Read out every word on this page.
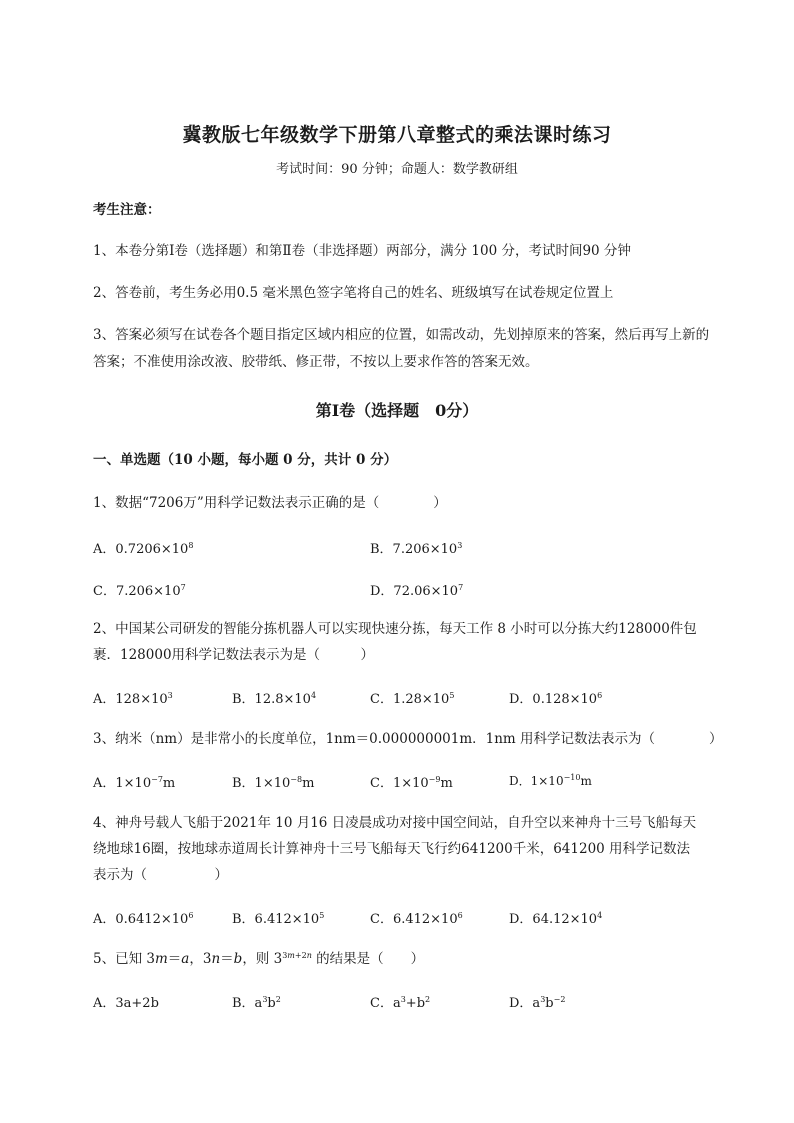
冀教版七年级数学下册第八章整式的乘法课时练习
考试时间：90 分钟；命题人：数学教研组
考生注意：
1、本卷分第Ⅰ卷（选择题）和第Ⅱ卷（非选择题）两部分，满分 100 分，考试时间90 分钟
2、答卷前，考生务必用0.5 毫米黑色签字笔将自己的姓名、班级填写在试卷规定位置上
3、答案必须写在试卷各个题目指定区域内相应的位置，如需改动，先划掉原来的答案，然后再写上新的答案；不准使用涂改液、胶带纸、修正带，不按以上要求作答的答案无效。
第Ⅰ卷（选择题　0分）
一、单选题（10 小题，每小题 0 分，共计 0 分）
1、数据“7206万”用科学记数法表示正确的是（　　　　）
A．$0.7206\times 10^8$	B．$7.206\times 10^3$
C．$7.206\times 10^7$	D．$72.06\times 10^7$
2、中国某公司研发的智能分拣机器人可以实现快速分拣，每天工作 8 小时可以分拣大约128000件包
裹．128000用科学记数法表示为是（　　　）
A．$128\times 10^3$	B．$12.8\times 10^4$	C．$1.28\times 10^5$	D．$0.128\times 10^6$
3、纳米（nm）是非常小的长度单位，1nm＝0.000000001m．1nm 用科学记数法表示为（　　　　）
A．$1\times 10^{-7}m$	B．$1\times 10^{-8}m$	C．$1\times 10^{-9}m$	D．$1\times 10^{-10}m$
4、神舟号载人飞船于2021年 10 月16 日凌晨成功对接中国空间站，自升空以来神舟十三号飞船每天
绕地球16圈，按地球赤道周长计算神舟十三号飞船每天飞行约641200千米，641200 用科学记数法
表示为（　　　　　）
A．$0.6412\times 10^6$	B．$6.412\times 10^5$	C．$6.412\times 10^6$	D．$64.12\times 10^4$
5、已知 3m＝a，3n＝b，则 $3^{3m+2n}$ 的结果是（　　）
A．3a+2b	B．$a^3b^2$	C．$a^3+b^2$	D．$a^3b^{-2}$
